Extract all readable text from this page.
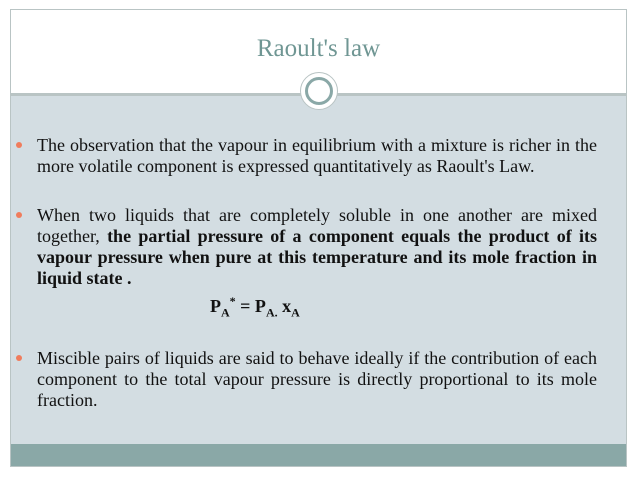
Raoult's law
The observation that the vapour in equilibrium with a mixture is richer in the more volatile component is expressed quantitatively as Raoult's Law.
When two liquids that are completely soluble in one another are mixed together, the partial pressure of a component equals the product of its vapour pressure when pure at this temperature and its mole fraction in liquid state .
Miscible pairs of liquids are said to behave ideally if the contribution of each component to the total vapour pressure is directly proportional to its mole fraction.
$P_A^* = P_{A.}$ $x_A$
